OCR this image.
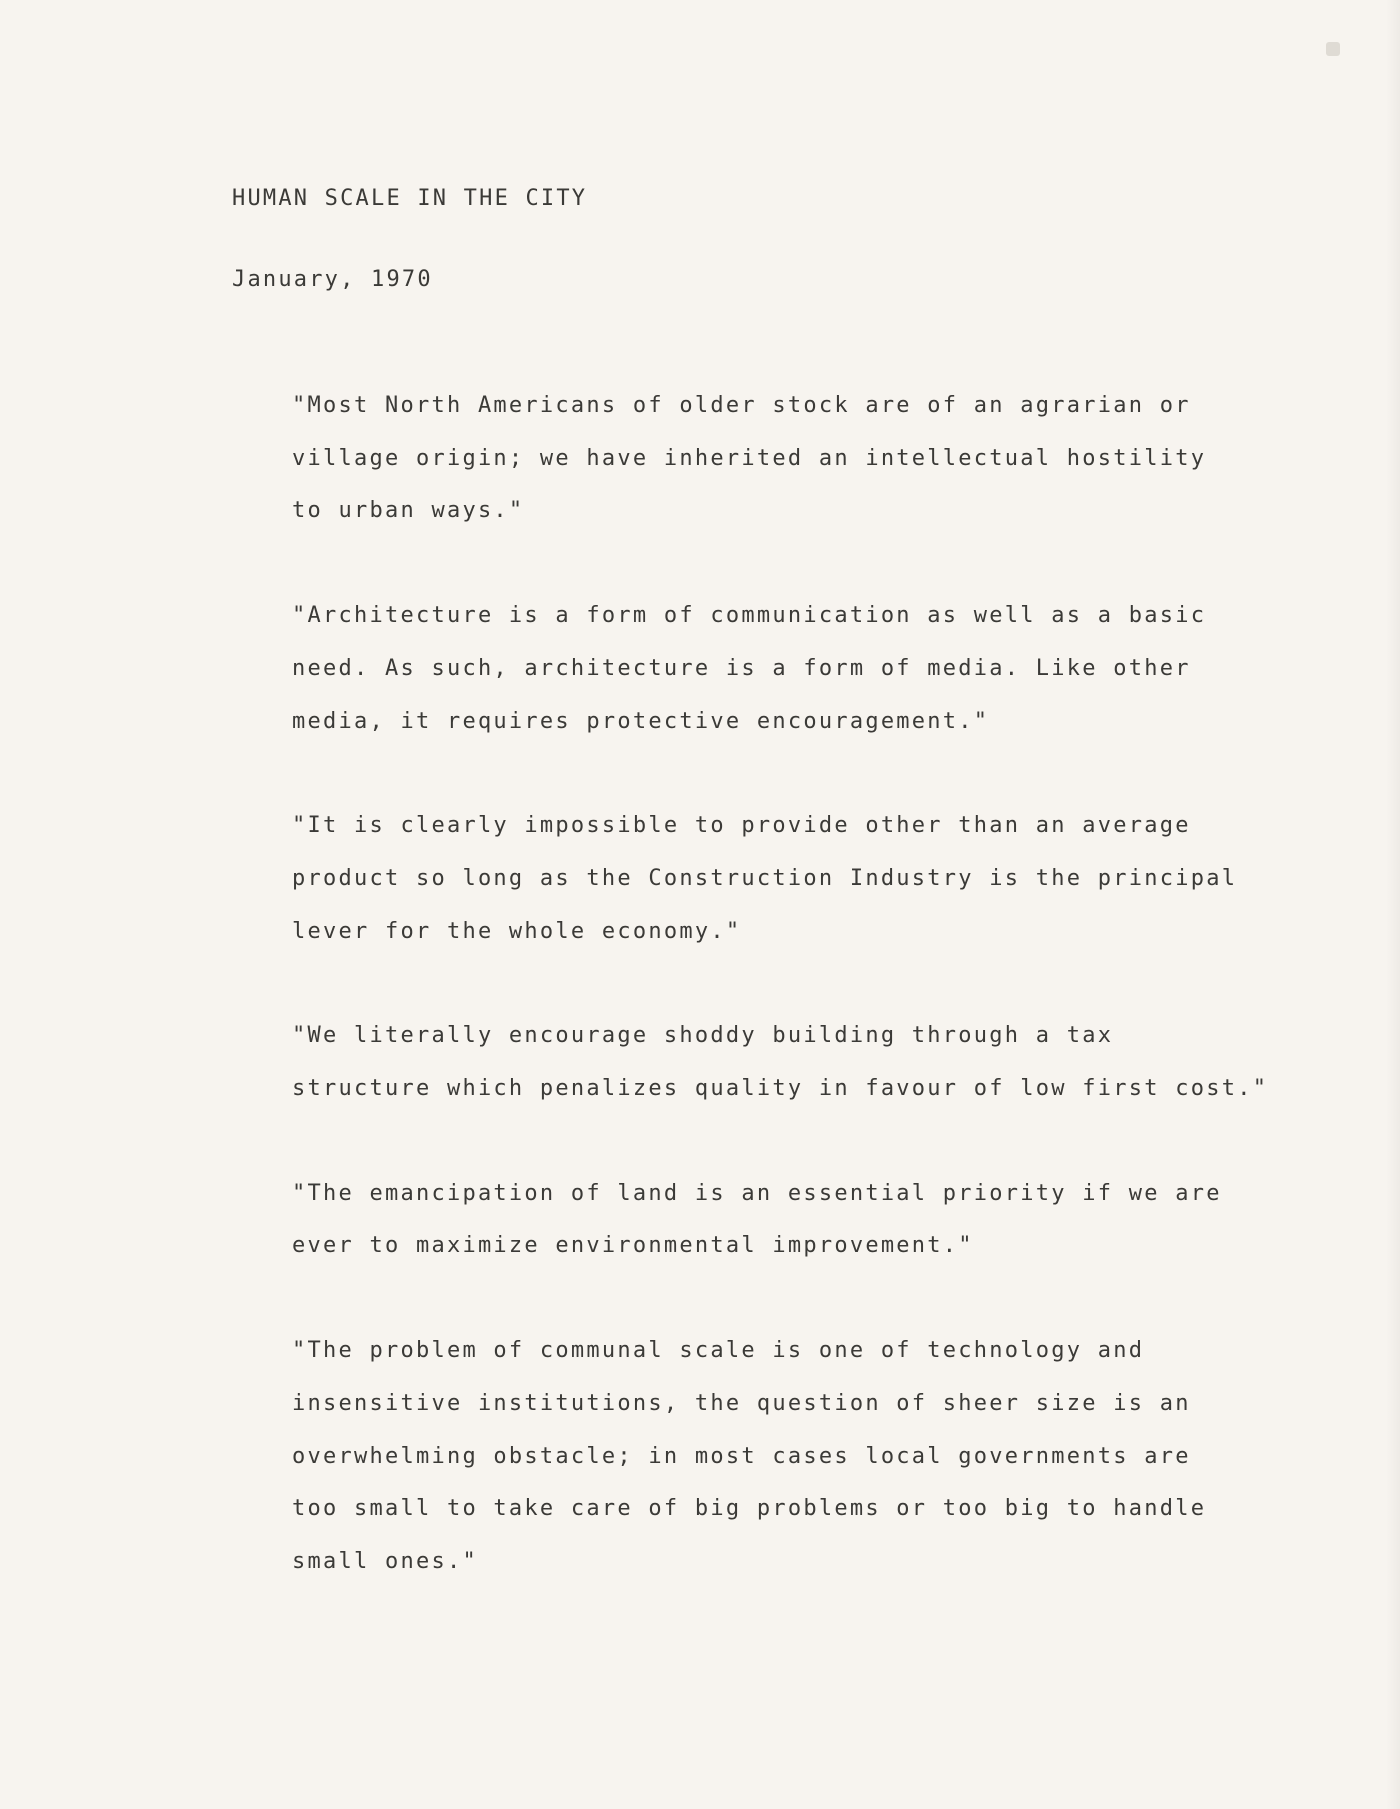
HUMAN SCALE IN THE CITY
January, 1970
"Most North Americans of older stock are of an agrarian or
village origin; we have inherited an intellectual hostility
to urban ways."
"Architecture is a form of communication as well as a basic
need. As such, architecture is a form of media. Like other
media, it requires protective encouragement."
"It is clearly impossible to provide other than an average
product so long as the Construction Industry is the principal
lever for the whole economy."
"We literally encourage shoddy building through a tax
structure which penalizes quality in favour of low first cost."
"The emancipation of land is an essential priority if we are
ever to maximize environmental improvement."
"The problem of communal scale is one of technology and
insensitive institutions, the question of sheer size is an
overwhelming obstacle; in most cases local governments are
too small to take care of big problems or too big to handle
small ones."
